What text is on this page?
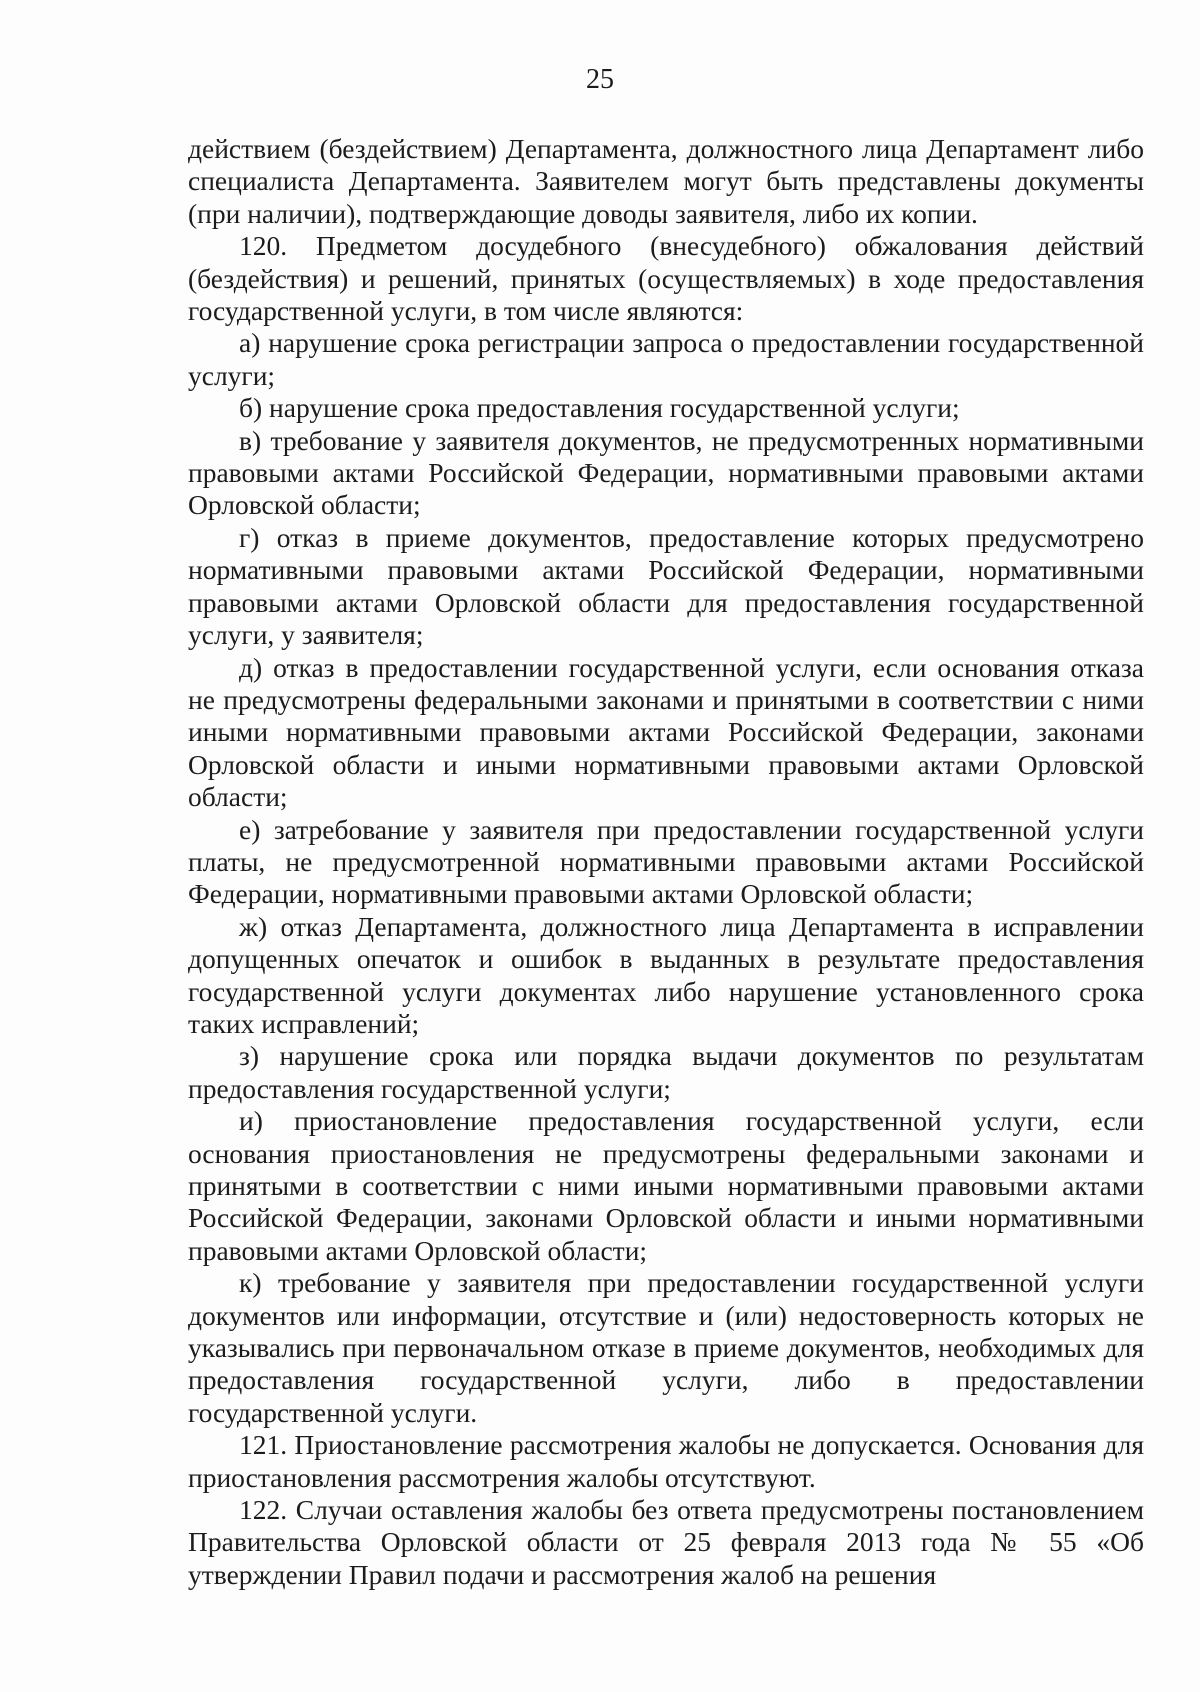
25

действием (бездействием) Департамента, должностного лица Департамент либо специалиста Департамента. Заявителем могут быть представлены документы (при наличии), подтверждающие доводы заявителя, либо их копии.

120. Предметом досудебного (внесудебного) обжалования действий (бездействия) и решений, принятых (осуществляемых) в ходе предоставления государственной услуги, в том числе являются:

а) нарушение срока регистрации запроса о предоставлении государственной услуги;

б) нарушение срока предоставления государственной услуги;

в) требование у заявителя документов, не предусмотренных нормативными правовыми актами Российской Федерации, нормативными правовыми актами Орловской области;

г) отказ в приеме документов, предоставление которых предусмотрено нормативными правовыми актами Российской Федерации, нормативными правовыми актами Орловской области для предоставления государственной услуги, у заявителя;

д) отказ в предоставлении государственной услуги, если основания отказа не предусмотрены федеральными законами и принятыми в соответствии с ними иными нормативными правовыми актами Российской Федерации, законами Орловской области и иными нормативными правовыми актами Орловской области;

е) затребование у заявителя при предоставлении государственной услуги платы, не предусмотренной нормативными правовыми актами Российской Федерации, нормативными правовыми актами Орловской области;

ж) отказ Департамента, должностного лица Департамента в исправлении допущенных опечаток и ошибок в выданных в результате предоставления государственной услуги документах либо нарушение установленного срока таких исправлений;

з) нарушение срока или порядка выдачи документов по результатам предоставления государственной услуги;

и) приостановление предоставления государственной услуги, если основания приостановления не предусмотрены федеральными законами и принятыми в соответствии с ними иными нормативными правовыми актами Российской Федерации, законами Орловской области и иными нормативными правовыми актами Орловской области;

к) требование у заявителя при предоставлении государственной услуги документов или информации, отсутствие и (или) недостоверность которых не указывались при первоначальном отказе в приеме документов, необходимых для предоставления государственной услуги, либо в предоставлении государственной услуги.

121. Приостановление рассмотрения жалобы не допускается. Основания для приостановления рассмотрения жалобы отсутствуют.

122. Случаи оставления жалобы без ответа предусмотрены постановлением Правительства Орловской области от 25 февраля 2013 года № 55 «Об утверждении Правил подачи и рассмотрения жалоб на решения
